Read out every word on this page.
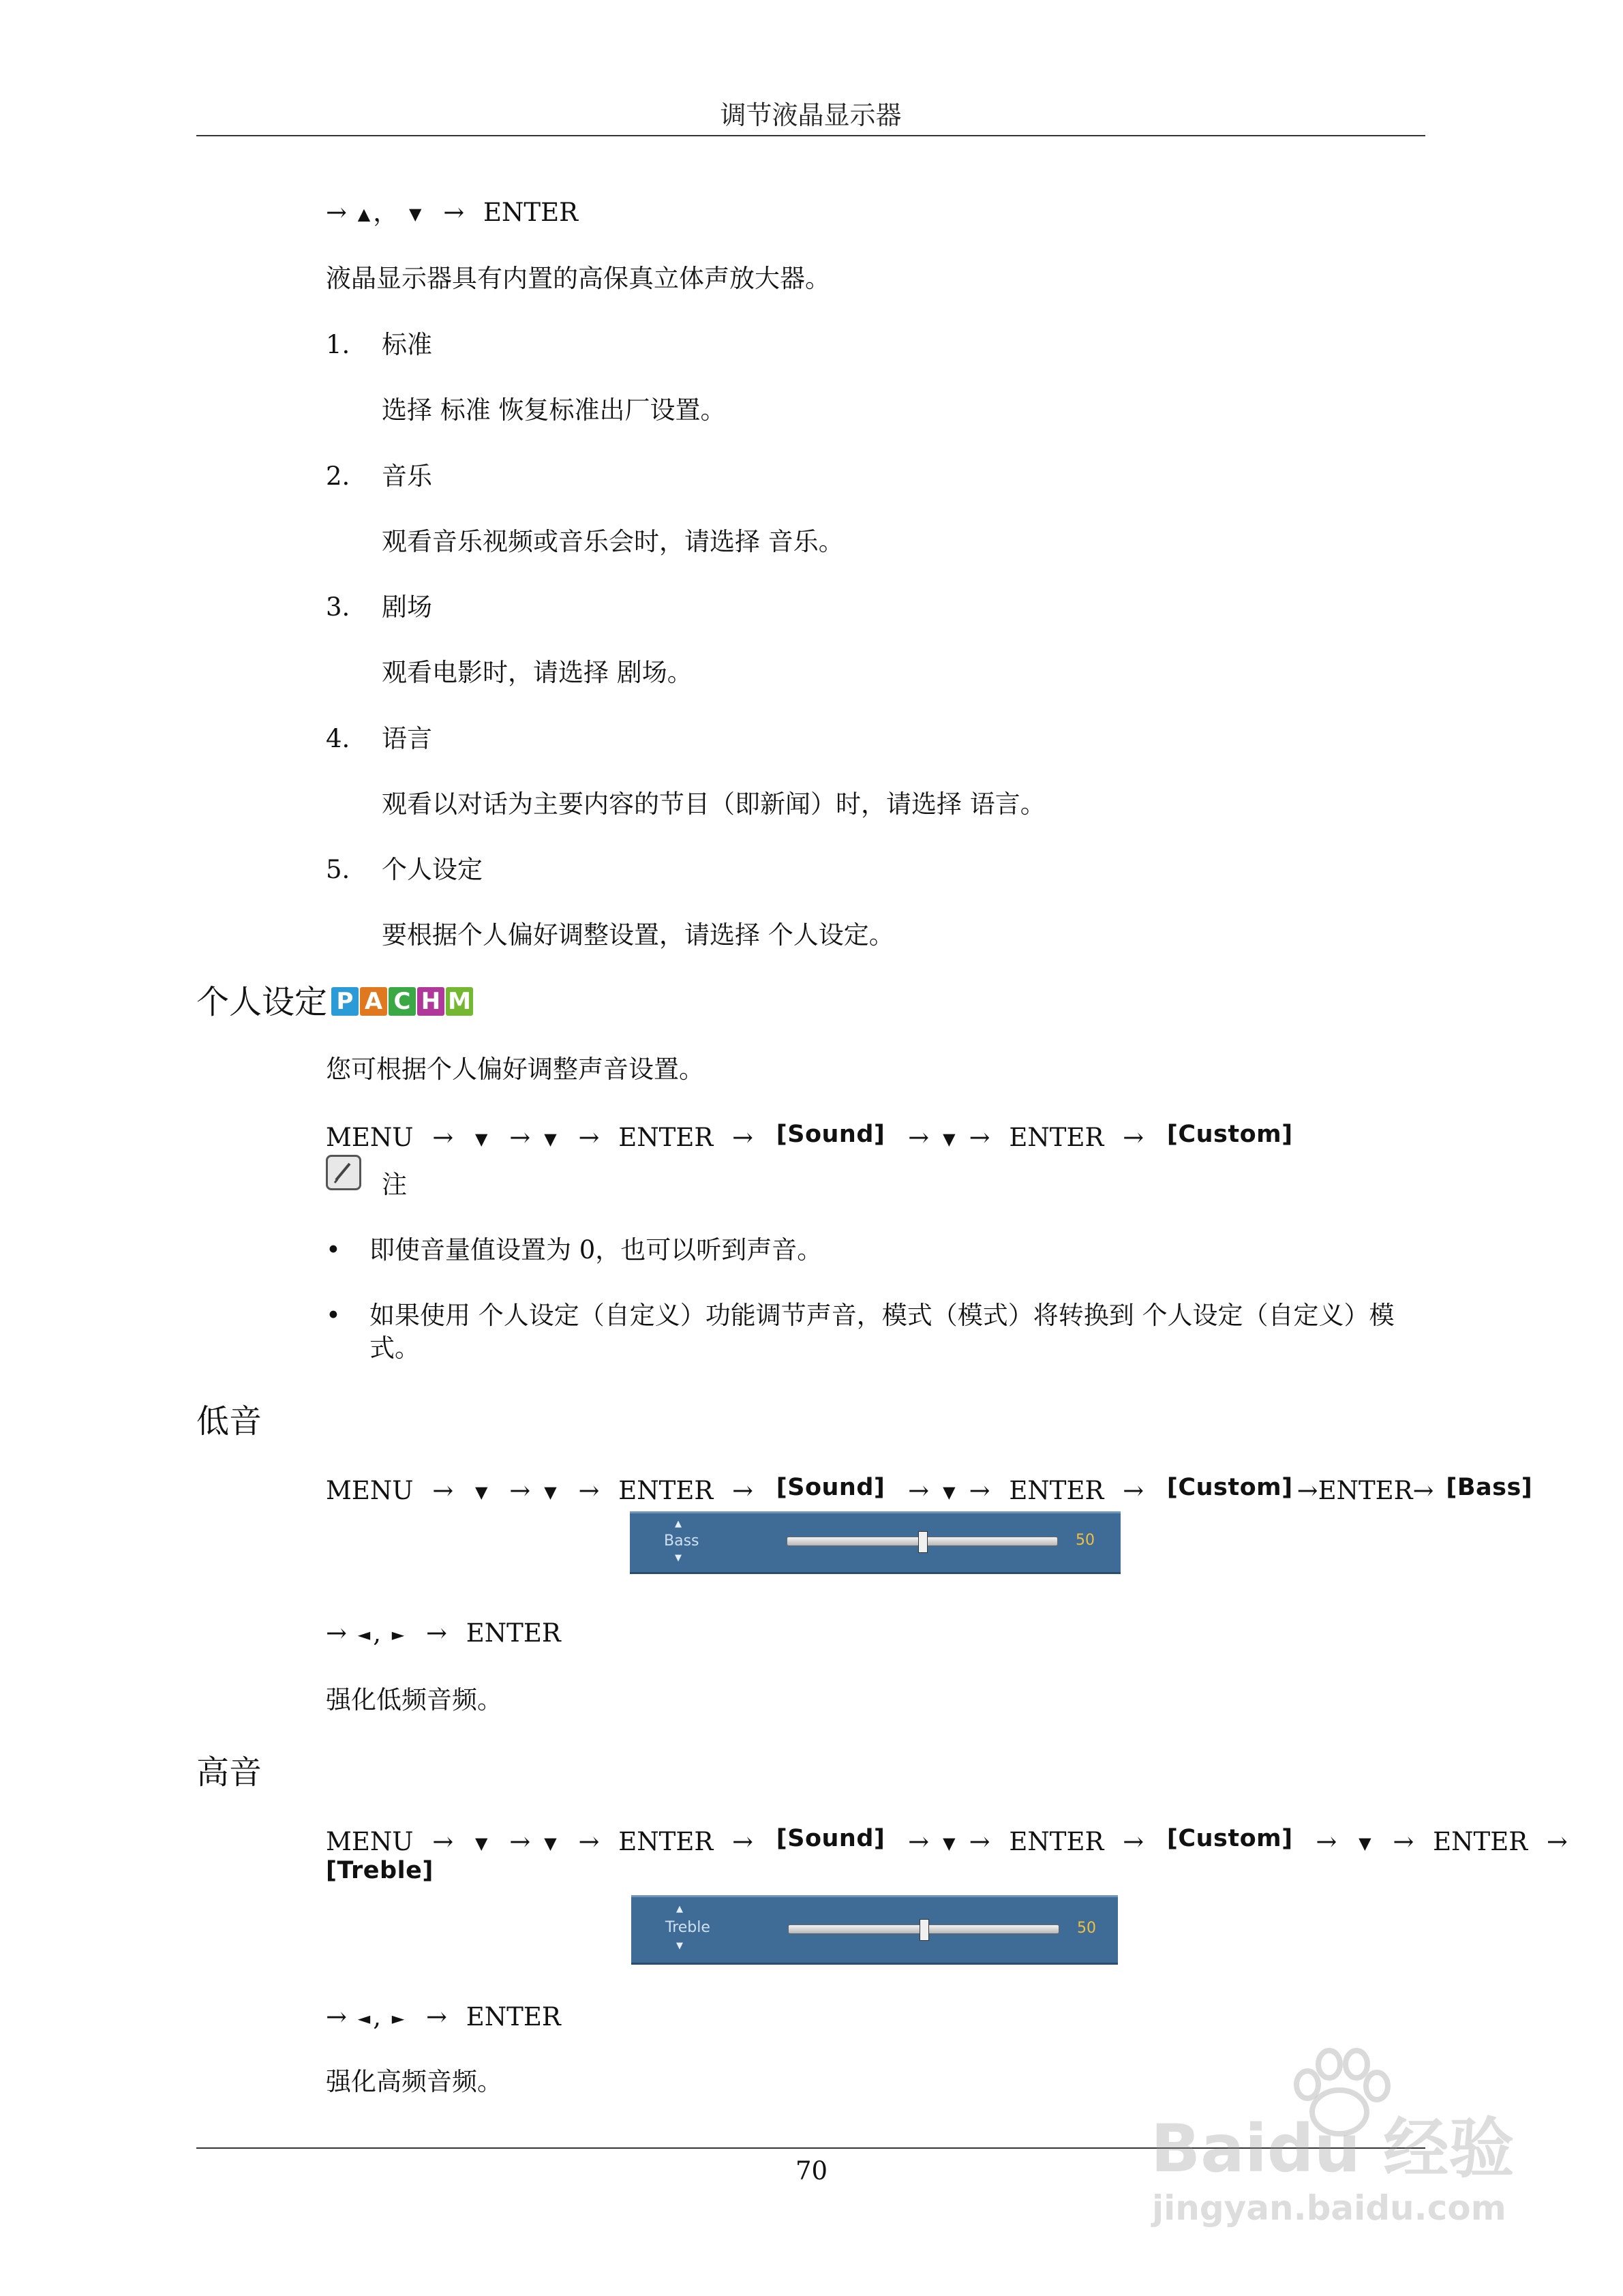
调节液晶显示器
→ ▲ ， ▼ → ENTER
液晶显示器具有内置的高保真立体声放大器。
1. 标准
选择 标准 恢复标准出厂设置。
2. 音乐
观看音乐视频或音乐会时，请选择 音乐。
3. 剧场
观看电影时，请选择 剧场。
4. 语言
观看以对话为主要内容的节目（即新闻）时，请选择 语言。
5. 个人设定
要根据个人偏好调整设置，请选择 个人设定。
个人设定 P A C H M
您可根据个人偏好调整声音设置。
MENU → ▼ → ▼ → ENTER → [Sound] → ▼ → ENTER → [Custom]
注
• 即使音量值设置为 0，也可以听到声音。
• 如果使用 个人设定（自定义）功能调节声音，模式（模式）将转换到 个人设定（自定义）模式。
低音
MENU → ▼ → ▼ → ENTER → [Sound] → ▼ → ENTER → [Custom] →ENTER→ [Bass]
▲
Bass
▼
50
→ ◄ , ► → ENTER
强化低频音频。
高音
MENU → ▼ → ▼ → ENTER → [Sound] → ▼ → ENTER → [Custom] → ▼ → ENTER →
[Treble]
▲
Treble
▼
50
→ ◄ , ► → ENTER
强化高频音频。
70	Baidu 经验
jingyan.baidu.com
